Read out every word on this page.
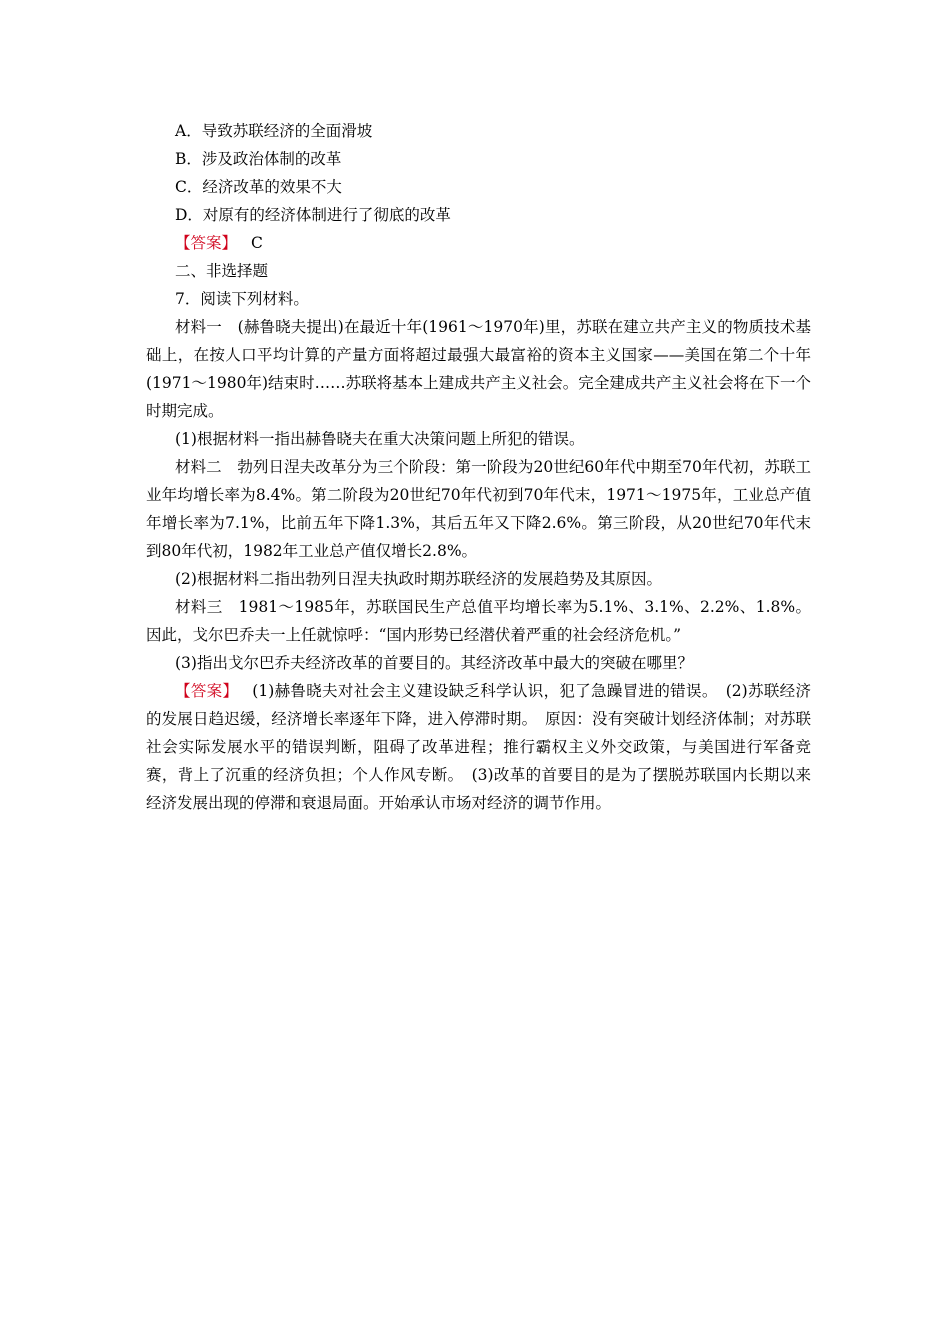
A．导致苏联经济的全面滑坡
B．涉及政治体制的改革
C．经济改革的效果不大
D．对原有的经济体制进行了彻底的改革
【答案】 C
二、非选择题
7．阅读下列材料。
材料一　(赫鲁晓夫提出)在最近十年(1961～1970年)里，苏联在建立共产主义的物质技术基础上，在按人口平均计算的产量方面将超过最强大最富裕的资本主义国家——美国在第二个十年(1971～1980年)结束时……苏联将基本上建成共产主义社会。完全建成共产主义社会将在下一个时期完成。
(1)根据材料一指出赫鲁晓夫在重大决策问题上所犯的错误。
材料二　勃列日涅夫改革分为三个阶段：第一阶段为20世纪60年代中期至70年代初，苏联工业年均增长率为8.4%。第二阶段为20世纪70年代初到70年代末，1971～1975年，工业总产值年增长率为7.1%，比前五年下降1.3%，其后五年又下降2.6%。第三阶段，从20世纪70年代末到80年代初，1982年工业总产值仅增长2.8%。
(2)根据材料二指出勃列日涅夫执政时期苏联经济的发展趋势及其原因。
材料三　1981～1985年，苏联国民生产总值平均增长率为5.1%、3.1%、2.2%、1.8%。因此，戈尔巴乔夫一上任就惊呼：“国内形势已经潜伏着严重的社会经济危机。”
(3)指出戈尔巴乔夫经济改革的首要目的。其经济改革中最大的突破在哪里？
【答案】 (1)赫鲁晓夫对社会主义建设缺乏科学认识，犯了急躁冒进的错误。　(2)苏联经济的发展日趋迟缓，经济增长率逐年下降，进入停滞时期。　原因：没有突破计划经济体制；对苏联社会实际发展水平的错误判断，阻碍了改革进程；推行霸权主义外交政策，与美国进行军备竞赛，背上了沉重的经济负担；个人作风专断。　(3)改革的首要目的是为了摆脱苏联国内长期以来经济发展出现的停滞和衰退局面。开始承认市场对经济的调节作用。
